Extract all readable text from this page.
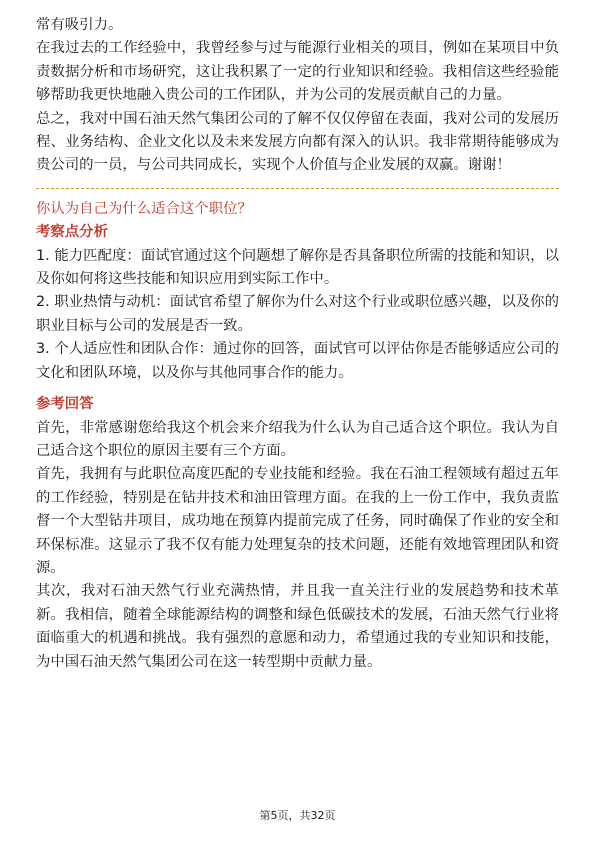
常有吸引力。

在我过去的工作经验中，我曾经参与过与能源行业相关的项目，例如在某项目中负责数据分析和市场研究，这让我积累了一定的行业知识和经验。我相信这些经验能够帮助我更快地融入贵公司的工作团队，并为公司的发展贡献自己的力量。

总之，我对中国石油天然气集团公司的了解不仅仅停留在表面，我对公司的发展历程、业务结构、企业文化以及未来发展方向都有深入的认识。我非常期待能够成为贵公司的一员，与公司共同成长，实现个人价值与企业发展的双赢。谢谢！

你认为自己为什么适合这个职位？
考察点分析

1. 能力匹配度：面试官通过这个问题想了解你是否具备职位所需的技能和知识，以及你如何将这些技能和知识应用到实际工作中。

2. 职业热情与动机：面试官希望了解你为什么对这个行业或职位感兴趣，以及你的职业目标与公司的发展是否一致。

3. 个人适应性和团队合作：通过你的回答，面试官可以评估你是否能够适应公司的文化和团队环境，以及你与其他同事合作的能力。

参考回答

首先，非常感谢您给我这个机会来介绍我为什么认为自己适合这个职位。我认为自己适合这个职位的原因主要有三个方面。

首先，我拥有与此职位高度匹配的专业技能和经验。我在石油工程领域有超过五年的工作经验，特别是在钻井技术和油田管理方面。在我的上一份工作中，我负责监督一个大型钻井项目，成功地在预算内提前完成了任务，同时确保了作业的安全和环保标准。这显示了我不仅有能力处理复杂的技术问题，还能有效地管理团队和资源。

其次，我对石油天然气行业充满热情，并且我一直关注行业的发展趋势和技术革新。我相信，随着全球能源结构的调整和绿色低碳技术的发展，石油天然气行业将面临重大的机遇和挑战。我有强烈的意愿和动力，希望通过我的专业知识和技能，为中国石油天然气集团公司在这一转型期中贡献力量。

第5页，共32页
